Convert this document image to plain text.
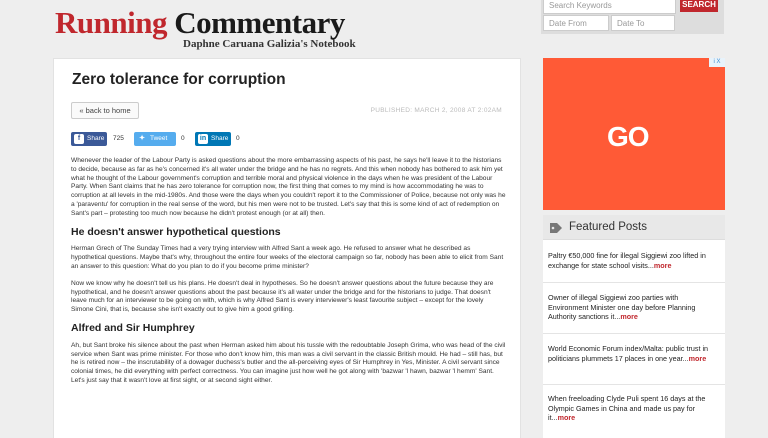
Running Commentary
Daphne Caruana Galizia's Notebook
Search Keywords	SEARCH
Date From	Date To
Zero tolerance for corruption
« back to home	PUBLISHED: MARCH 2, 2008 AT 2:02AM
f	Share	725 ✦ Tweet	0 in Share	0

Whenever the leader of the Labour Party is asked questions about the more embarrassing aspects of his past, he says he'll leave it to the historians to decide, because as far as he's concerned it's all water under the bridge and he has no regrets. And this when nobody has bothered to ask him yet what he thought of the Labour government's corruption and terrible moral and physical violence in the days when he was president of the Labour Party. When Sant claims that he has zero tolerance for corruption now, the first thing that comes to my mind is how accommodating he was to corruption at all levels in the mid-1980s. And those were the days when you couldn't report it to the Commissioner of Police, because not only was he a 'paraventu' for corruption in the real sense of the word, but his men were not to be trusted. Let's say that this is some kind of act of redemption on Sant's part – protesting too much now because he didn't protest enough (or at all) then.

He doesn't answer hypothetical questions

Herman Grech of The Sunday Times had a very trying interview with Alfred Sant a week ago. He refused to answer what he described as hypothetical questions. Maybe that's why, throughout the entire four weeks of the electoral campaign so far, nobody has been able to elicit from Sant an answer to this question: What do you plan to do if you become prime minister?

Now we know why he doesn't tell us his plans. He doesn't deal in hypotheses. So he doesn't answer questions about the future because they are hypothetical, and he doesn't answer questions about the past because it's all water under the bridge and for the historians to judge. That doesn't leave much for an interviewer to be going on with, which is why Alfred Sant is every interviewer's least favourite subject – except for the lovely Simone Cini, that is, because she isn't exactly out to give him a good grilling.

Alfred and Sir Humphrey

Ah, but Sant broke his silence about the past when Herman asked him about his tussle with the redoubtable Joseph Grima, who was head of the civil service when Sant was prime minister. For those who don't know him, this man was a civil servant in the classic British mould. He had – still has, but he is retired now – the inscrutability of a dowager duchess's butler and the all-perceiving eyes of Sir Humphrey in Yes, Minister. A civil servant since colonial times, he did everything with perfect correctness. You can imagine just how well he got along with 'bazwar 'l hawn, bazwar 'l hemm' Sant. Let's just say that it wasn't love at first sight, or at second sight either.

GO
i X
Featured Posts
Paltry €50,000 fine for illegal Siggiewi zoo lifted in exchange for state school visits...more
Owner of illegal Siggiewi zoo parties with Environment Minister one day before Planning Authority sanctions it...more
World Economic Forum index/Malta: public trust in politicians plummets 17 places in one year...more
When freeloading Clyde Puli spent 16 days at the Olympic Games in China and made us pay for it...more
